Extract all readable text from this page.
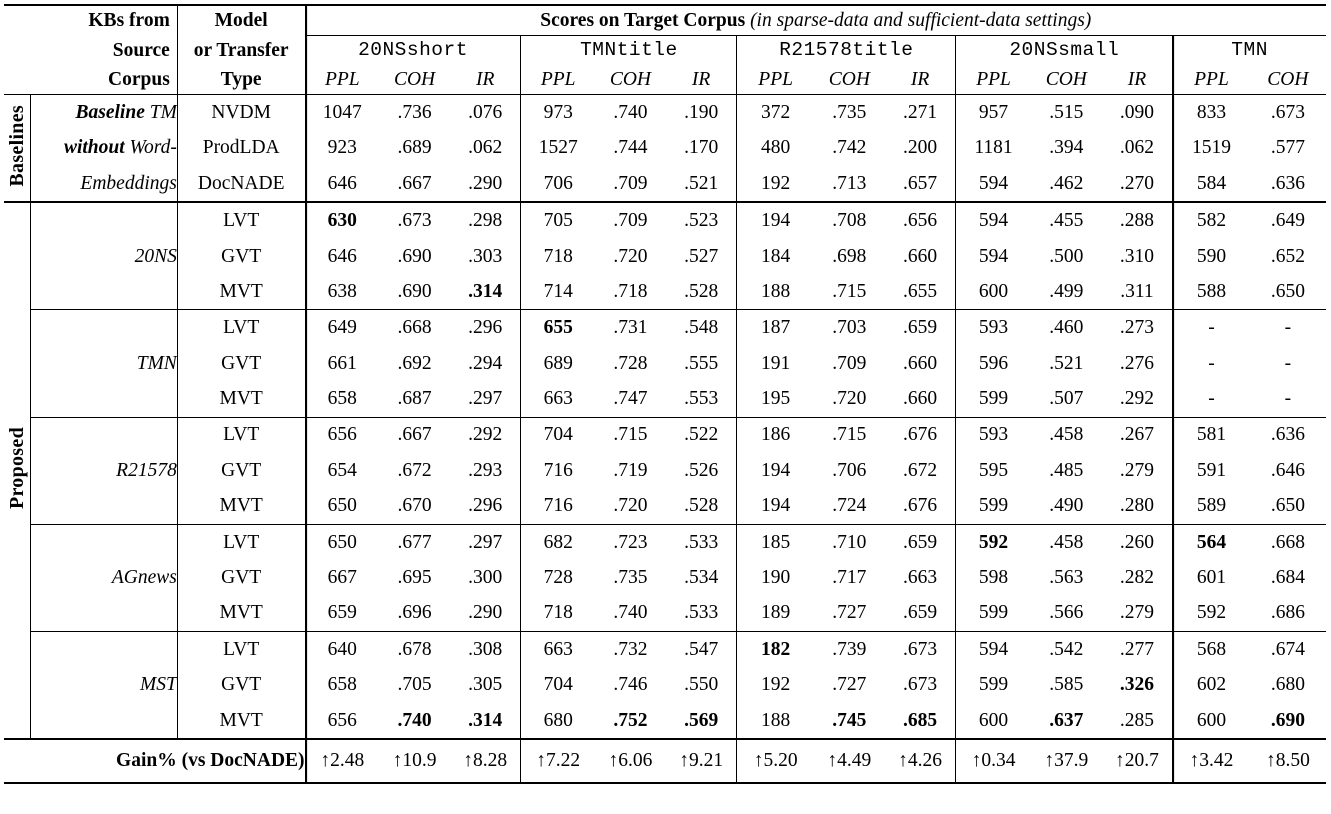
	KBs from	Model	Scores on Target Corpus (in sparse-data and sufficient-data settings)													
	Source	or Transfer	20NSshort			TMNtitle			R21578title			20NSsmall			TMN	
	Corpus	Type	PPL	COH	IR	PPL	COH	IR	PPL	COH	IR	PPL	COH	IR	PPL	COH
Baselines	Baseline TM	NVDM	1047	.736	.076	973	.740	.190	372	.735	.271	957	.515	.090	833	.673
	without Word-	ProdLDA	923	.689	.062	1527	.744	.170	480	.742	.200	1181	.394	.062	1519	.577
	Embeddings	DocNADE	646	.667	.290	706	.709	.521	192	.713	.657	594	.462	.270	584	.636
Proposed	20NS	LVT	630	.673	.298	705	.709	.523	194	.708	.656	594	.455	.288	582	.649
		GVT	646	.690	.303	718	.720	.527	184	.698	.660	594	.500	.310	590	.652
		MVT	638	.690	.314	714	.718	.528	188	.715	.655	600	.499	.311	588	.650
	TMN	LVT	649	.668	.296	655	.731	.548	187	.703	.659	593	.460	.273	-	-
		GVT	661	.692	.294	689	.728	.555	191	.709	.660	596	.521	.276	-	-
		MVT	658	.687	.297	663	.747	.553	195	.720	.660	599	.507	.292	-	-
	R21578	LVT	656	.667	.292	704	.715	.522	186	.715	.676	593	.458	.267	581	.636
		GVT	654	.672	.293	716	.719	.526	194	.706	.672	595	.485	.279	591	.646
		MVT	650	.670	.296	716	.720	.528	194	.724	.676	599	.490	.280	589	.650
	AGnews	LVT	650	.677	.297	682	.723	.533	185	.710	.659	592	.458	.260	564	.668
		GVT	667	.695	.300	728	.735	.534	190	.717	.663	598	.563	.282	601	.684
		MVT	659	.696	.290	718	.740	.533	189	.727	.659	599	.566	.279	592	.686
	MST	LVT	640	.678	.308	663	.732	.547	182	.739	.673	594	.542	.277	568	.674
		GVT	658	.705	.305	704	.746	.550	192	.727	.673	599	.585	.326	602	.680
		MVT	656	.740	.314	680	.752	.569	188	.745	.685	600	.637	.285	600	.690
Gain% (vs DocNADE)			↑2.48	↑10.9	↑8.28	↑7.22	↑6.06	↑9.21	↑5.20	↑4.49	↑4.26	↑0.34	↑37.9	↑20.7	↑3.42	↑8.50
